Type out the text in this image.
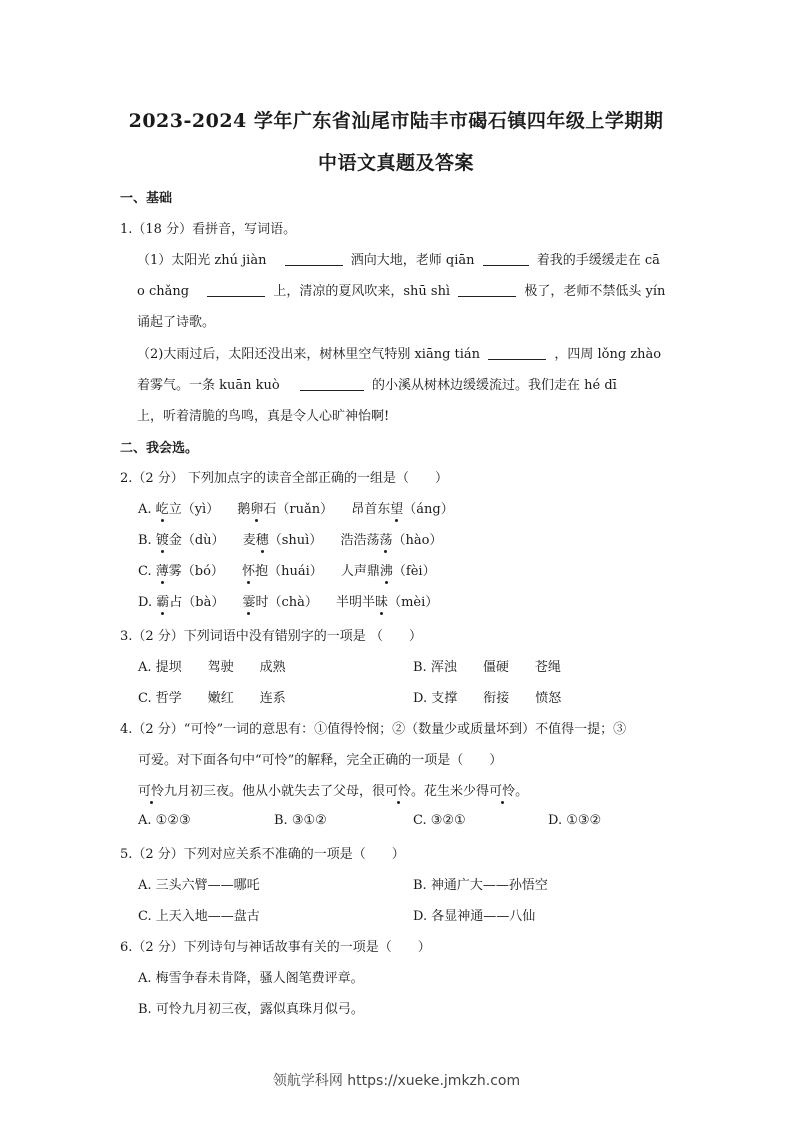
2023-2024 学年广东省汕尾市陆丰市碣石镇四年级上学期期
中语文真题及答案
一、基础
1.（18 分）看拼音，写词语。
（1）太阳光 zhú jiàn	洒向大地，老师 qiān	着我的手缓缓走在 cā
o chǎng	上，清凉的夏风吹来，shū shì	极了，老师不禁低头 yín
诵起了诗歌。
（2)大雨过后，太阳还没出来，树林里空气特别 xiāng tián	，四周 lǒng zhào
着雾气。一条 kuān kuò	的小溪从树林边缓缓流过。我们走在 hé dī
上，听着清脆的鸟鸣，真是令人心旷神怡啊!
二、我会选。
2.（2 分） 下列加点字的读音全部正确的一组是（　　）
A. 屹立（yì） 鹅卵石（ruǎn） 昂首东望（áng）
B. 镀金（dù） 麦穗（shuì） 浩浩荡荡（hào）
C. 薄雾（bó） 怀抱（huái） 人声鼎沸（fèi）
D. 霸占（bà） 霎时（chà） 半明半昧（mèi）
3.（2 分）下列词语中没有错别字的一项是 （　　）
A. 提坝　　驾驶　　成熟	B. 浑浊　　僵硬　　苍绳
C. 哲学　　嫩红　　连系	D. 支撑　　衔接　　愤怒
4.（2 分）“可怜”一词的意思有：①值得怜悯；②（数量少或质量坏到）不值得一提；③
可爱。对下面各句中“可怜”的解释，完全正确的一项是（　　）
可怜九月初三夜。他从小就失去了父母，很可怜。花生米少得可怜。
A. ①②③	B. ③①②	C. ③②①	D. ①③②
5.（2 分）下列对应关系不准确的一项是（　　）
A. 三头六臂——哪吒	B. 神通广大——孙悟空
C. 上天入地——盘古	D. 各显神通——八仙
6.（2 分）下列诗句与神话故事有关的一项是（　　）
A. 梅雪争春未肯降，骚人阁笔费评章。
B. 可怜九月初三夜，露似真珠月似弓。
领航学科网 https://xueke.jmkzh.com
